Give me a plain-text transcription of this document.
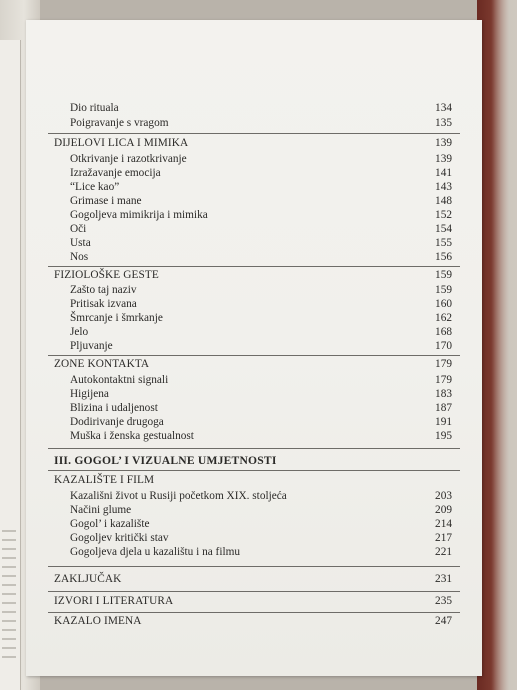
Dio rituala	134
Poigravanje s vragom	135
DIJELOVI LICA I MIMIKA	139
Otkrivanje i razotkrivanje	139
Izražavanje emocija	141
“Lice kao”	143
Grimase i mane	148
Gogoljeva mimikrija i mimika	152
Oči	154
Usta	155
Nos	156
FIZIOLOŠKE GESTE	159
Zašto taj naziv	159
Pritisak izvana	160
Šmrcanje i šmrkanje	162
Jelo	168
Pljuvanje	170
ZONE KONTAKTA	179
Autokontaktni signali	179
Higijena	183
Blizina i udaljenost	187
Dodirivanje drugoga	191
Muška i ženska gestualnost	195
III. GOGOL’ I VIZUALNE UMJETNOSTI
KAZALIŠTE I FILM
Kazališni život u Rusiji početkom XIX. stoljeća	203
Načini glume	209
Gogol’ i kazalište	214
Gogoljev kritički stav	217
Gogoljeva djela u kazalištu i na filmu	221
ZAKLJUČAK	231
IZVORI I LITERATURA	235
KAZALO IMENA	247
